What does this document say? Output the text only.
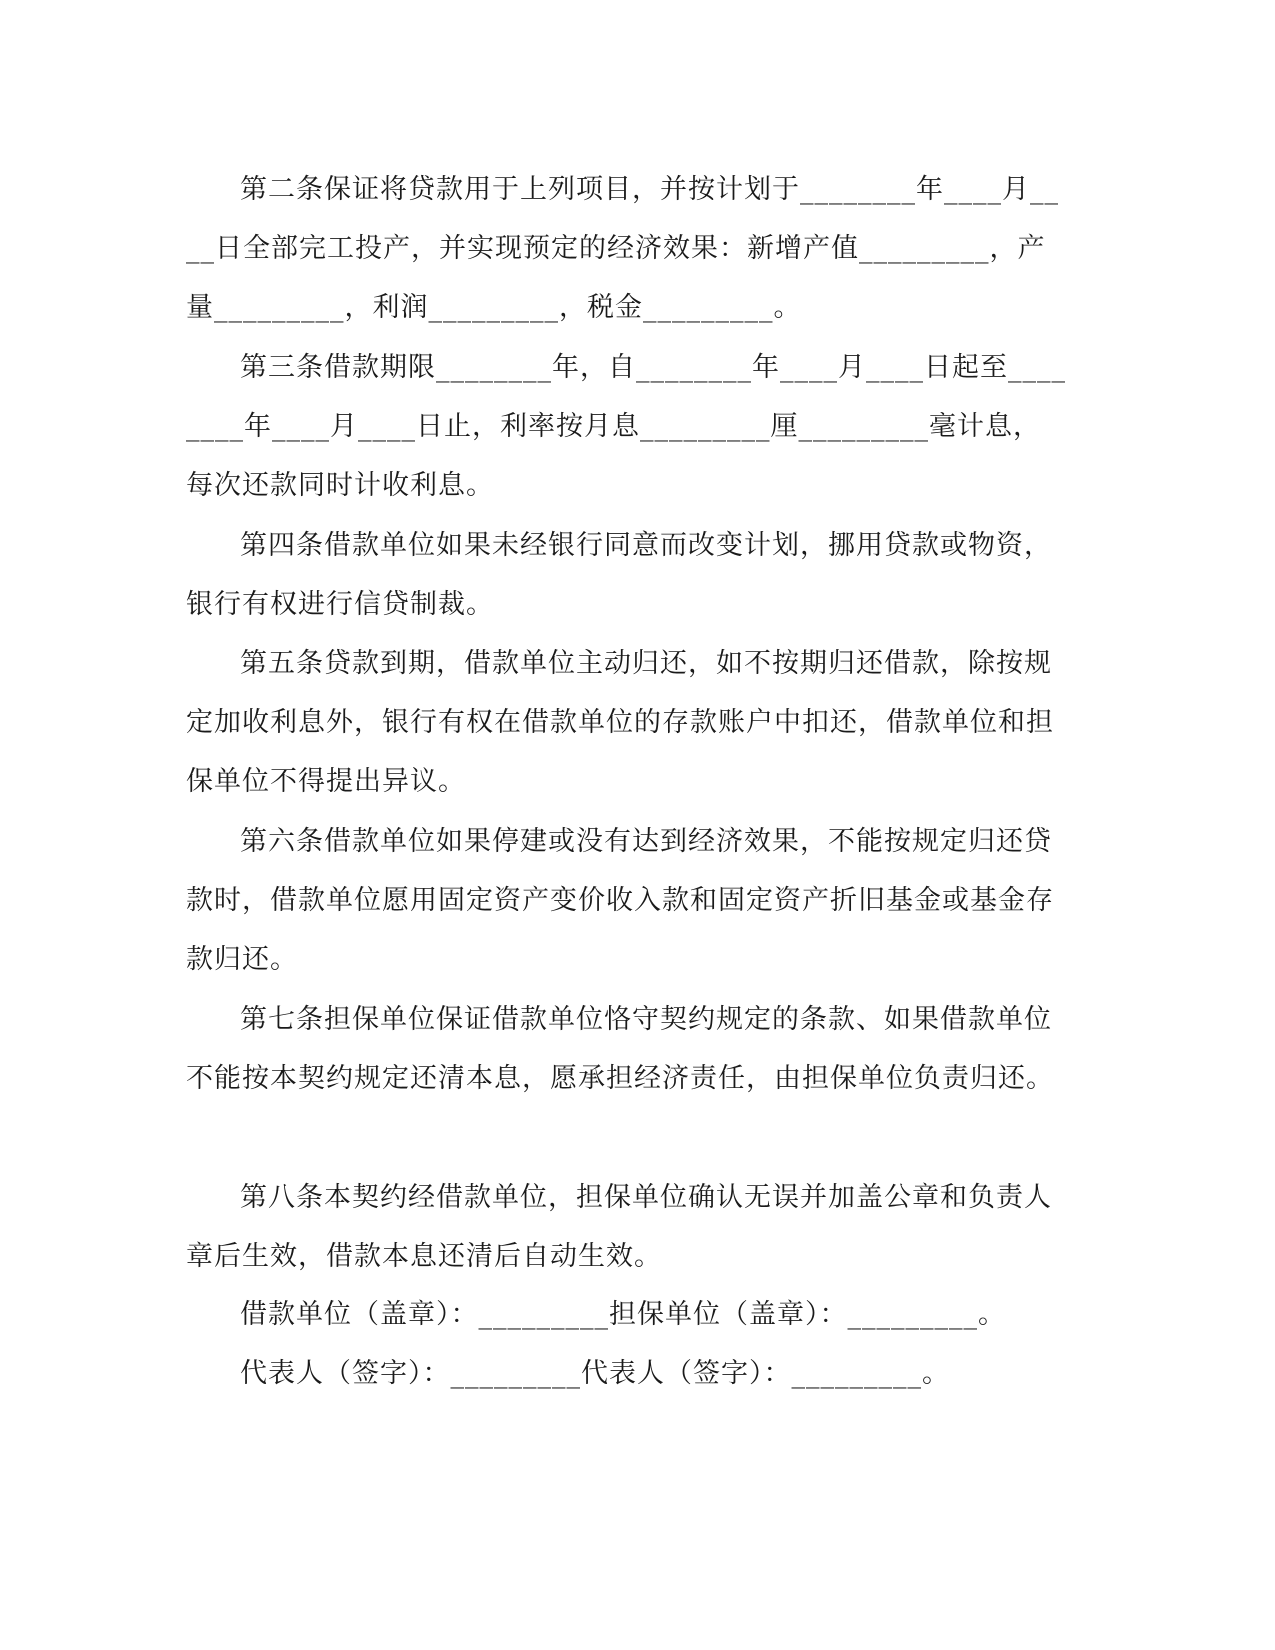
第二条保证将贷款用于上列项目，并按计划于________年____月____日全部完工投产，并实现预定的经济效果：新增产值_________，产量_________，利润_________，税金_________。

第三条借款期限________年，自________年____月____日起至________年____月____日止，利率按月息_________厘_________毫计息，每次还款同时计收利息。

第四条借款单位如果未经银行同意而改变计划，挪用贷款或物资，银行有权进行信贷制裁。

第五条贷款到期，借款单位主动归还，如不按期归还借款，除按规定加收利息外，银行有权在借款单位的存款账户中扣还，借款单位和担保单位不得提出异议。

第六条借款单位如果停建或没有达到经济效果，不能按规定归还贷款时，借款单位愿用固定资产变价收入款和固定资产折旧基金或基金存款归还。

第七条担保单位保证借款单位恪守契约规定的条款、如果借款单位不能按本契约规定还清本息，愿承担经济责任，由担保单位负责归还。

第八条本契约经借款单位，担保单位确认无误并加盖公章和负责人章后生效，借款本息还清后自动生效。

借款单位（盖章）：_________担保单位（盖章）：_________。

代表人（签字）：_________代表人（签字）：_________。
